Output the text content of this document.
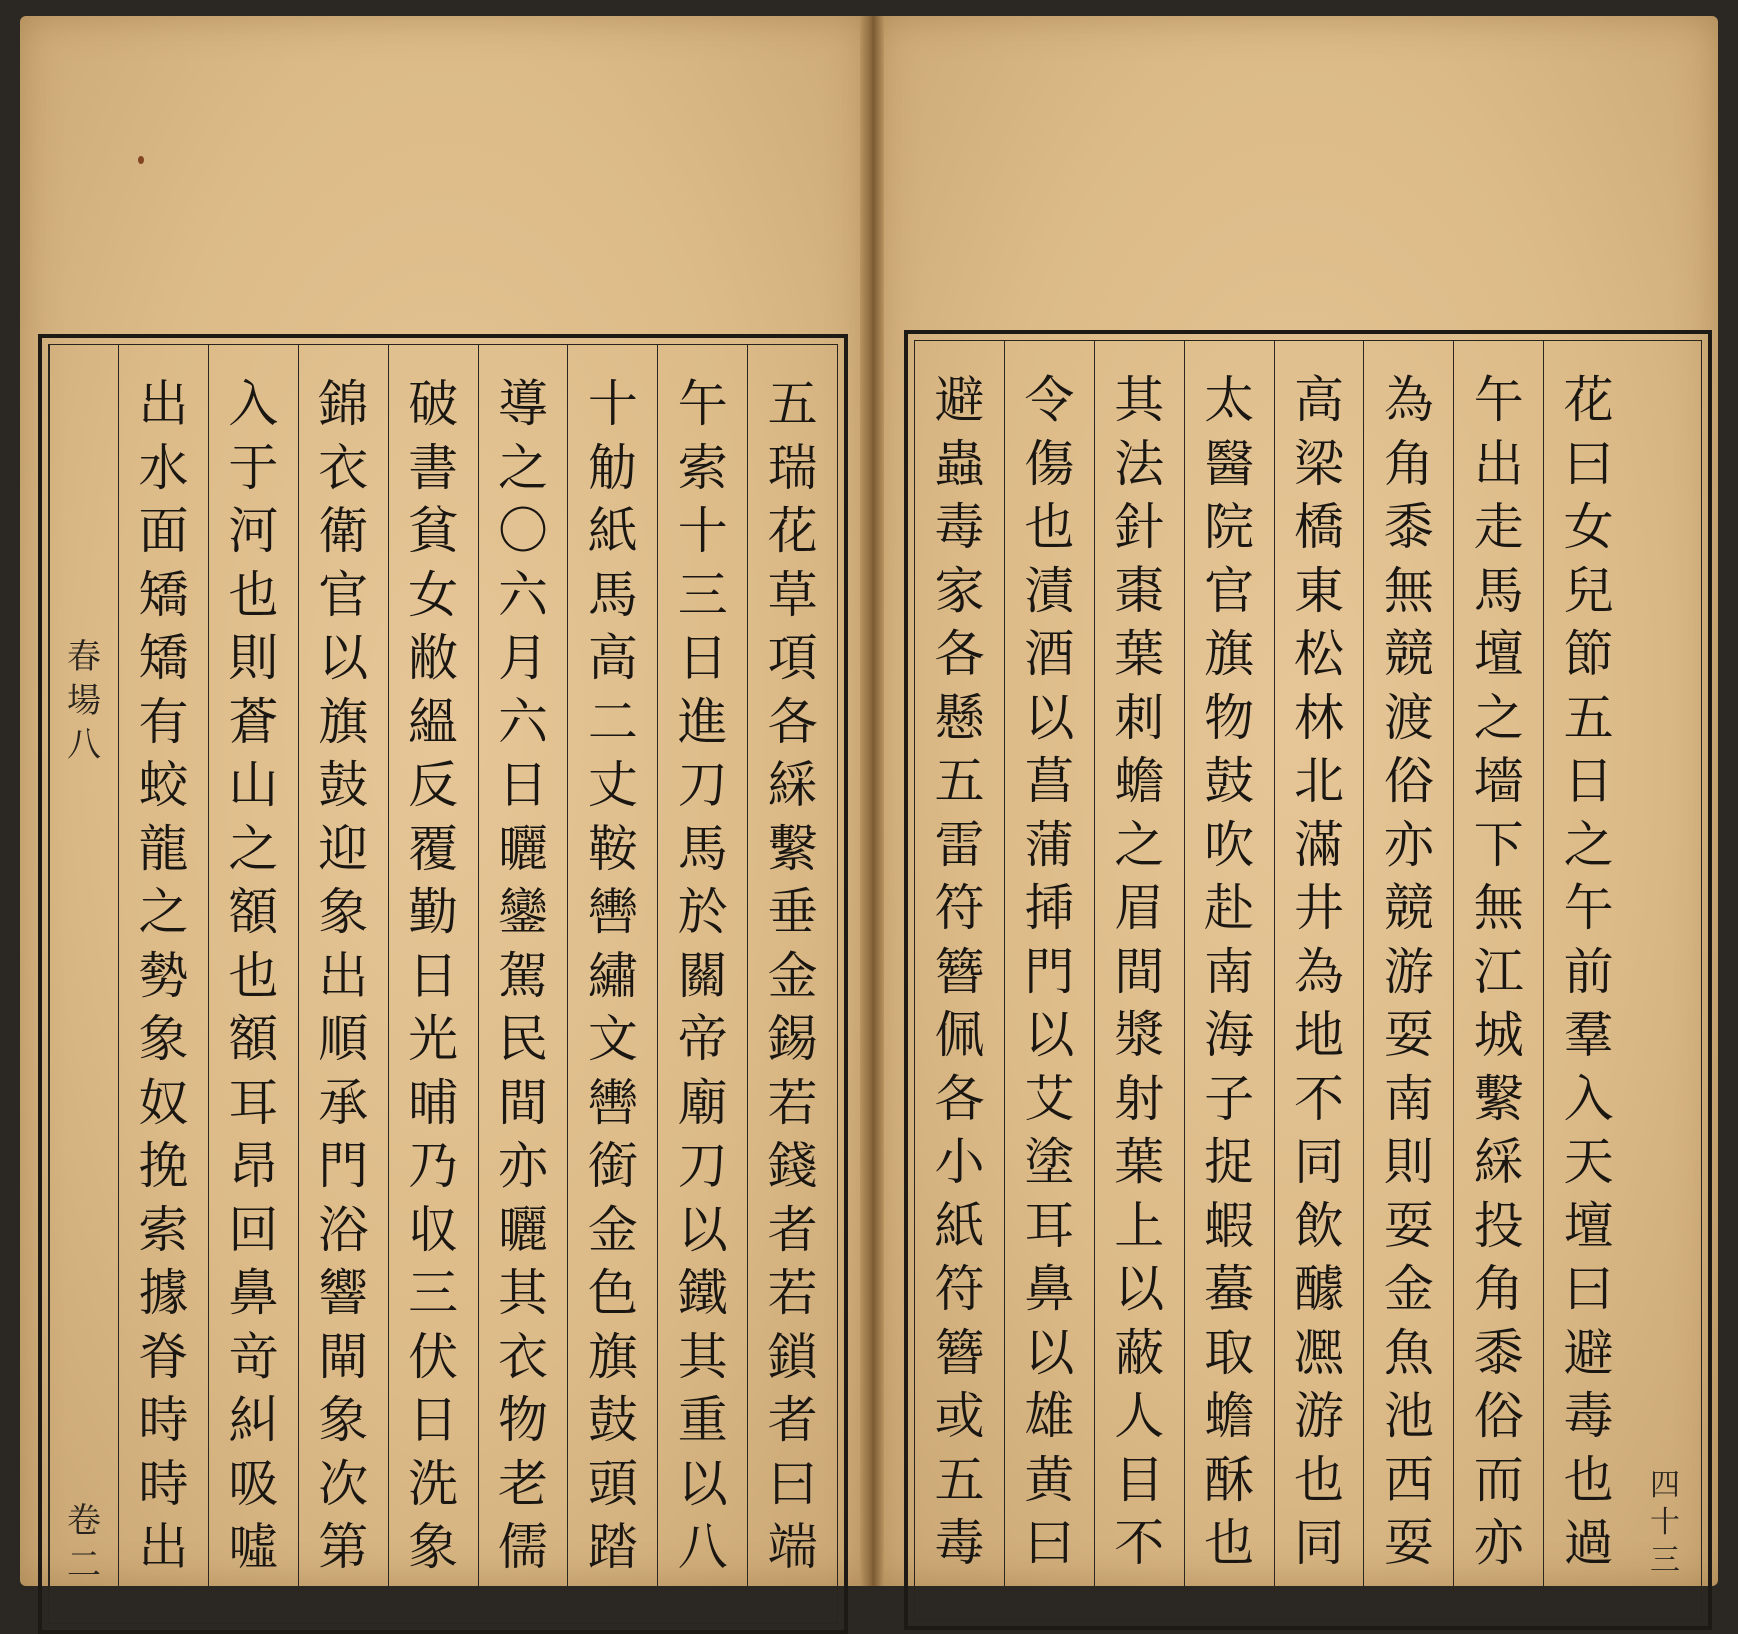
五
瑞
花
草
項
各
綵
繫
垂
金
錫
若
錢
者
若
鎖
者
曰
端
午
索
十
三
日
進
刀
馬
於
關
帝
廟
刀
以
鐵
其
重
以
八
十
觔
紙
馬
高
二
丈
鞍
轡
繡
文
轡
銜
金
色
旗
鼓
頭
踏
導
之
〇
六
月
六
日
曬
鑾
駕
民
間
亦
曬
其
衣
物
老
儒
破
書
貧
女
敝
縕
反
覆
勤
日
光
晡
乃
収
三
伏
日
洗
象
錦
衣
衛
官
以
旗
鼓
迎
象
出
順
承
門
浴
響
閘
象
次
第
入
于
河
也
則
蒼
山
之
額
也
額
耳
昂
回
鼻
竒
糾
吸
噓
出
水
面
矯
矯
有
蛟
龍
之
勢
象
奴
挽
索
據
脊
時
時
出
春
場
八
卷
二
四
十
三
花
曰
女
兒
節
五
日
之
午
前
羣
入
天
壇
曰
避
毒
也
過
午
出
走
馬
壇
之
墻
下
無
江
城
繫
綵
投
角
黍
俗
而
亦
為
角
黍
無
競
渡
俗
亦
競
游
耍
南
則
耍
金
魚
池
西
耍
高
梁
橋
東
松
林
北
滿
井
為
地
不
同
飲
醵
凞
游
也
同
太
醫
院
官
旗
物
鼓
吹
赴
南
海
子
捉
蝦
蟇
取
蟾
酥
也
其
法
針
棗
葉
刺
蟾
之
眉
間
漿
射
葉
上
以
蔽
人
目
不
令
傷
也
漬
酒
以
菖
蒲
揷
門
以
艾
塗
耳
鼻
以
雄
黄
曰
避
蟲
毒
家
各
懸
五
雷
符
簪
佩
各
小
紙
符
簪
或
五
毒
